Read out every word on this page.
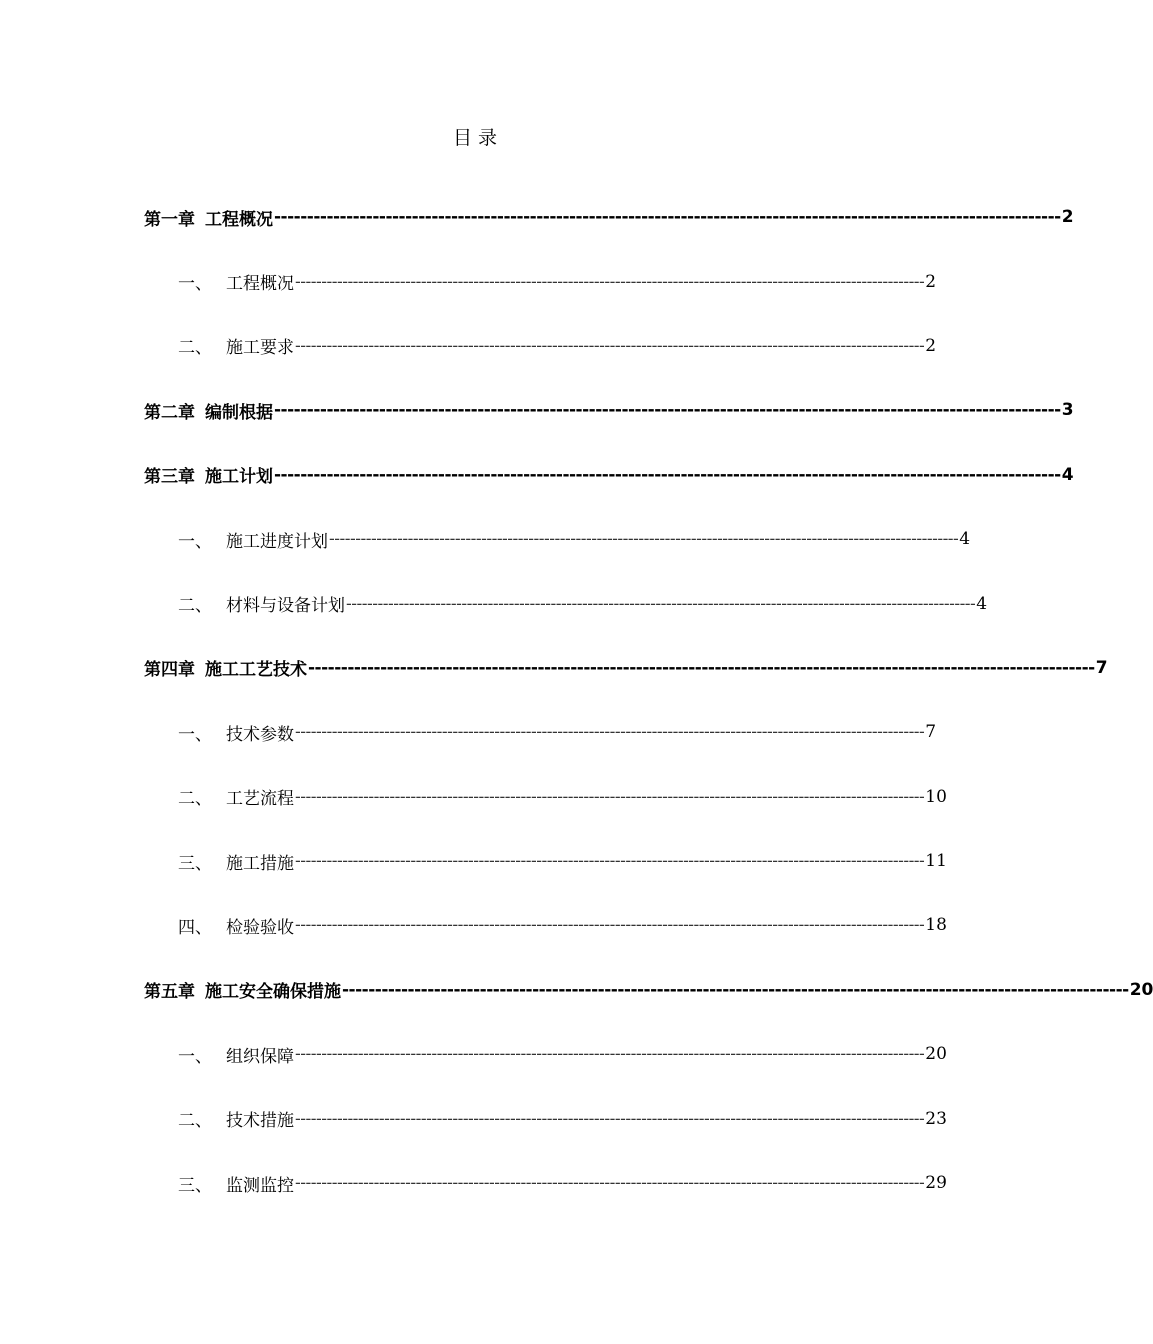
目 录
第一章 工程概况 ------------------------------------------------------------------------------------------------------------------------ 2
一、 工程概况 ------------------------------------------------------------------------------------------------------------------------ 2
二、 施工要求 ------------------------------------------------------------------------------------------------------------------------ 2
第二章 编制根据 ------------------------------------------------------------------------------------------------------------------------ 3
第三章 施工计划 ------------------------------------------------------------------------------------------------------------------------ 4
一、 施工进度计划 ------------------------------------------------------------------------------------------------------------------------ 4
二、 材料与设备计划 ------------------------------------------------------------------------------------------------------------------------ 4
第四章 施工工艺技术 ------------------------------------------------------------------------------------------------------------------------ 7
一、 技术参数 ------------------------------------------------------------------------------------------------------------------------ 7
二、 工艺流程 ------------------------------------------------------------------------------------------------------------------------ 10
三、 施工措施 ------------------------------------------------------------------------------------------------------------------------ 11
四、 检验验收 ------------------------------------------------------------------------------------------------------------------------ 18
第五章 施工安全确保措施 ------------------------------------------------------------------------------------------------------------------------ 20
一、 组织保障 ------------------------------------------------------------------------------------------------------------------------ 20
二、 技术措施 ------------------------------------------------------------------------------------------------------------------------ 23
三、 监测监控 ------------------------------------------------------------------------------------------------------------------------ 29
